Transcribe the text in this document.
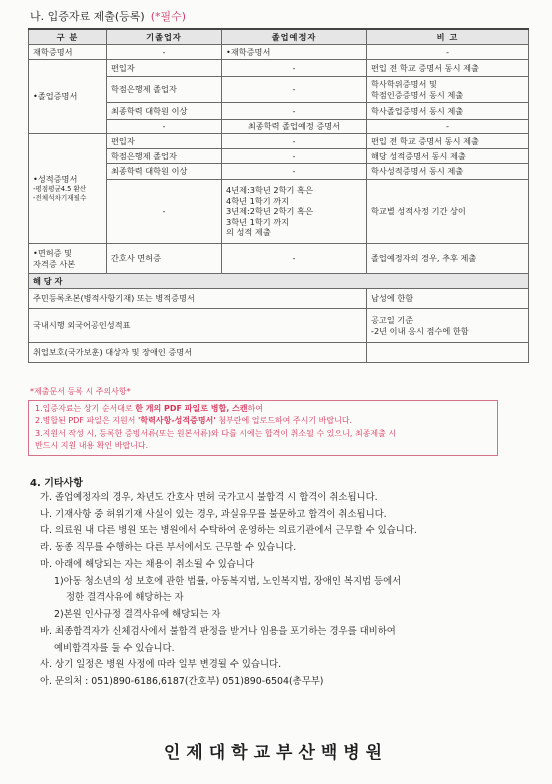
나. 입증자료 제출(등록) (*필수)
구 분	기졸업자	졸업예정자	비 고
재학증명서	-	•재학증명서	-
•졸업증명서	편입자	-	편입 전 학교 증명서 동시 제출
	학점은행제 졸업자	-	학사학위증명서 및
학점인증증명서 동시 제출
	최종학력 대학원 이상	-	학사졸업증명서 동시 제출
	-	최종학력 졸업예정 증명서	-

•성적증명서
-평점평균4.5 환산
-전체석차기재필수	편입자	-	편입 전 학교 증명서 동시 제출
	학점은행제 졸업자	-	해당 성적증명서 동시 제출
	최종학력 대학원 이상	-	학사성적증명서 동시 제출
	-	4년제:3학년 2학기 혹은
4학년 1학기 까지
3년제:2학년 2학기 혹은
3학년 1학기 까지
의 성적 제출	학교별 성적사정 기간 상이
•면허증 및
자격증 사본	간호사 면허증	-	졸업예정자의 경우, 추후 제출
해 당 자			
주민등록초본(병적사항기재) 또는 병적증명서			남성에 한함
국내시행 외국어공인성적표			공고일 기준
-2년 이내 응시 점수에 한함
취업보호(국가보훈) 대상자 및 장애인 증명서			
*제출문서 등록 시 주의사항*
1.입증자료는 상기 순서대로 한 개의 PDF 파일로 병합, 스캔하여
2.병합된 PDF 파일은 지원서 '학력사항-성적증명서' 첨부란에 업로드하여 주시기 바랍니다.
3.지원서 작성 시, 등록한 증빙서류(또는 원본서류)와 다를 시에는 합격이 취소될 수 있으니, 최종제출 시
반드시 지원 내용 확인 바랍니다.
4. 기타사항
가. 졸업예정자의 경우, 차년도 간호사 면허 국가고시 불합격 시 합격이 취소됩니다.
나. 기재사항 중 허위기재 사실이 있는 경우, 과실유무를 불문하고 합격이 취소됩니다.
다. 의료원 내 다른 병원 또는 병원에서 수탁하여 운영하는 의료기관에서 근무할 수 있습니다.
라. 동종 직무를 수행하는 다른 부서에서도 근무할 수 있습니다.
마. 아래에 해당되는 자는 채용이 취소될 수 있습니다
1)아동 청소년의 성 보호에 관한 법률, 아동복지법, 노인복지법, 장애인 복지법 등에서
정한 결격사유에 해당하는 자
2)본원 인사규정 결격사유에 해당되는 자
바. 최종합격자가 신체검사에서 불합격 판정을 받거나 임용을 포기하는 경우를 대비하여
예비합격자를 둘 수 있습니다.
사. 상기 일정은 병원 사정에 따라 일부 변경될 수 있습니다.
아. 문의처 : 051)890-6186,6187(간호부) 051)890-6504(총무부)
인제대학교부산백병원
